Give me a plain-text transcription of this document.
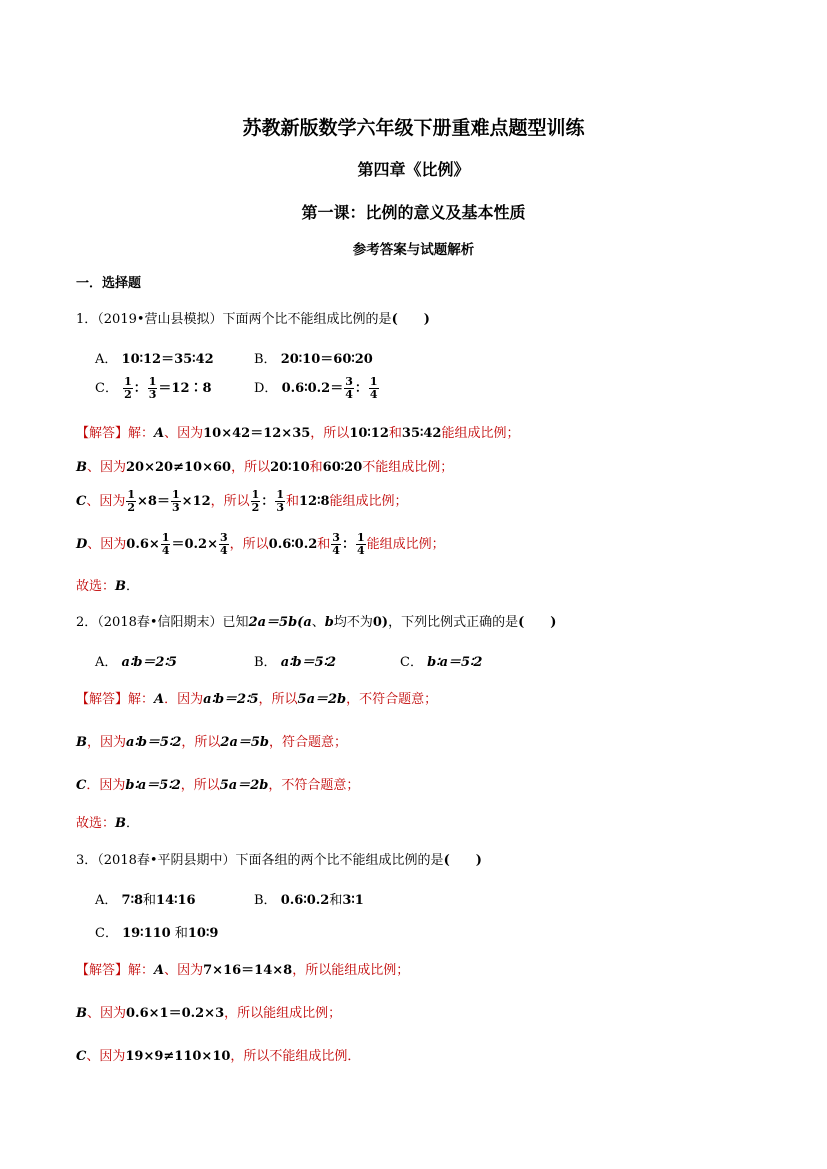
苏教新版数学六年级下册重难点题型训练
第四章《比例》
第一课：比例的意义及基本性质
参考答案与试题解析
一．选择题
1．（2019•营山县模拟）下面两个比不能组成比例的是(　　)
A． 10∶12＝35∶42	B． 20∶10＝60∶20
C． $\frac{1}{2}$ ： $\frac{1}{3}$ ＝12∶8	D． 0.6∶0.2＝ $\frac{3}{4}$ ： $\frac{1}{4}$
【解答】解：A、因为10×42＝12×35，所以10∶12和35∶42能组成比例；
B、因为20×20≠10×60，所以20∶10和60∶20不能组成比例；
C、因为 $\frac{1}{2} \times 8= \frac{1}{3} \times 12$，所以 $\frac{1}{2}$ ： $\frac{1}{3}$ 和12∶8能组成比例；
D、因为$0.6\times \frac{1}{4} =0.2\times \frac{3}{4}$ ，所以0.6∶0.2和 $\frac{3}{4}$ ： $\frac{1}{4}$ 能组成比例；
故选：B．
2．（2018春•信阳期末）已知2a＝5b(a、b均不为0)，下列比例式正确的是(　　)
A． a∶b＝2∶5	B． a∶b＝5∶2	C． b∶a＝5∶2
【解答】解：A．因为a∶b＝2∶5，所以5a＝2b，不符合题意；
B，因为a∶b＝5∶2，所以2a＝5b，符合题意；
C．因为b∶a＝5∶2，所以5a＝2b，不符合题意；
故选：B．
3．（2018春•平阴县期中）下面各组的两个比不能组成比例的是(　　)
A． 7∶8和14∶16	B． 0.6∶0.2和3∶1
C． 19∶110 和10∶9
【解答】解：A、因为7×16＝14×8，所以能组成比例；
B、因为0.6×1＝0.2×3，所以能组成比例；
C、因为19×9≠110×10，所以不能组成比例．
